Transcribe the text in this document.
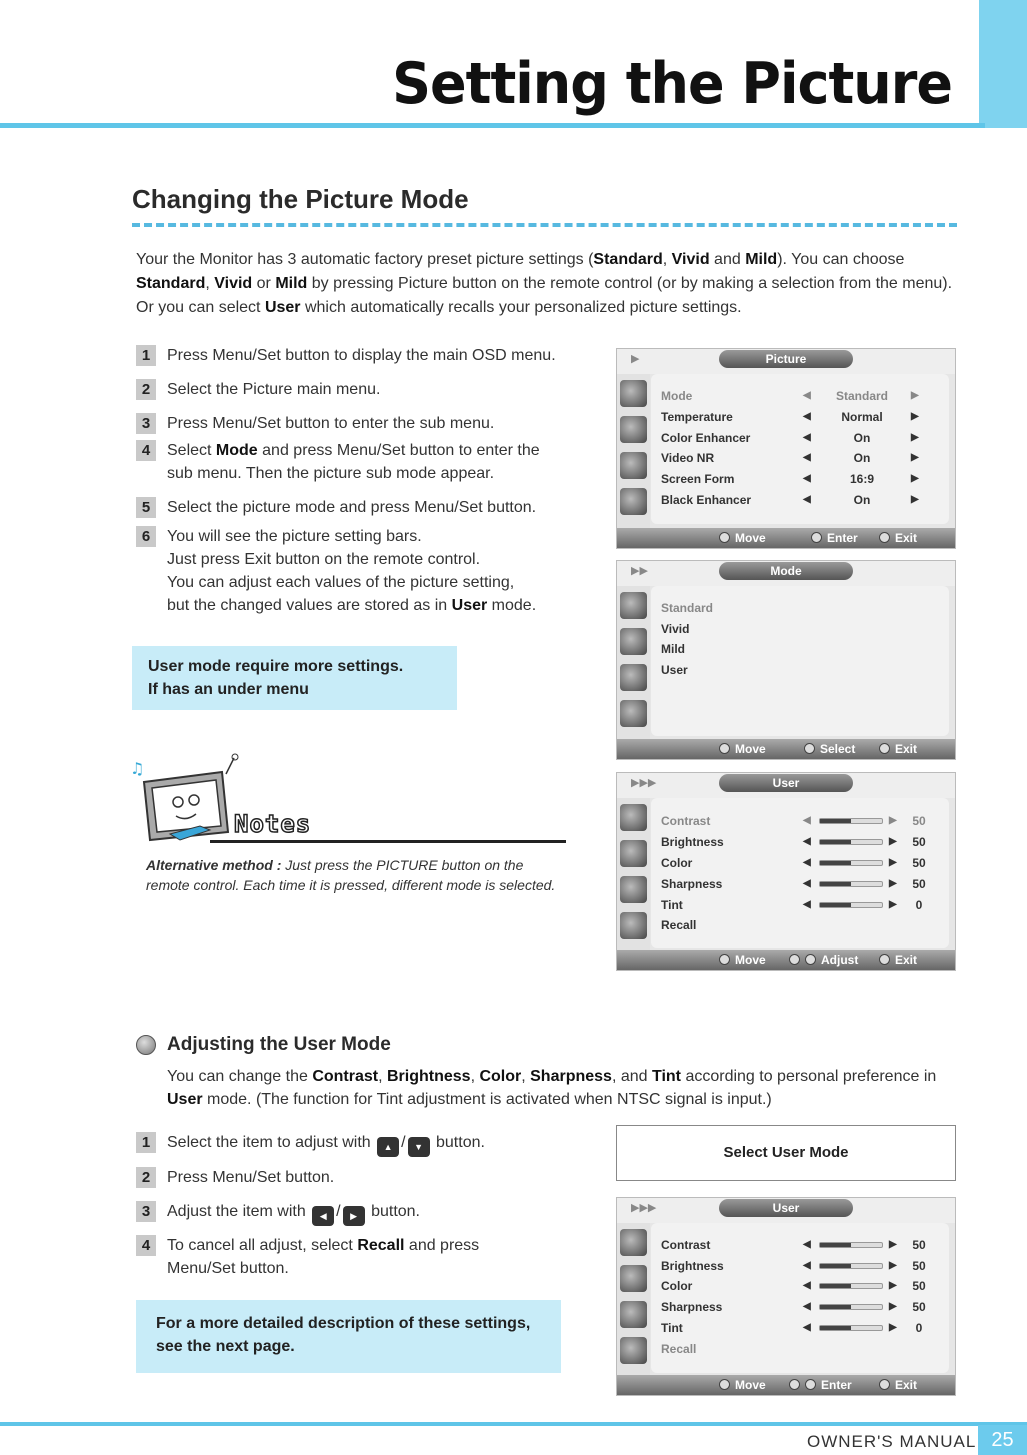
Setting the Picture
Changing the Picture Mode

Your the Monitor has 3 automatic factory preset picture settings (Standard, Vivid and Mild). You can choose
Standard, Vivid or Mild by pressing Picture button on the remote control (or by making a selection from the menu).
Or you can select User which automatically recalls your personalized picture settings.

1	Press Menu/Set button to display the main OSD menu.
2	Select the Picture main menu.
3	Press Menu/Set button to enter the sub menu.
4	Select Mode and press Menu/Set button to enter the
sub menu. Then the picture sub mode appear.
5	Select the picture mode and press Menu/Set button.
6	You will see the picture setting bars.
Just press Exit button on the remote control.
You can adjust each values of the picture setting,
but the changed values are stored as in User mode.
User mode require more settings.
If has an under menu
▶	Picture
Mode	◀	Standard	▶
Temperature	◀	Normal	▶
Color Enhancer	◀	On	▶
Video NR	◀	On	▶
Screen Form	◀	16:9	▶
Black Enhancer	◀	On	▶
Move	Enter	Exit
▶▶	Mode
Standard
Vivid
Mild
User
Move	Select	Exit
▶▶▶	User
Contrast	◀	▶	50
Brightness	◀	▶	50
Color	◀	▶	50
Sharpness	◀	▶	50
Tint	◀	▶	0
Recall
Move	Adjust	Exit
♫
Notes

Alternative method : Just press the PICTURE button on the remote control. Each time it is pressed, different mode is selected.

Adjusting the User Mode

You can change the Contrast, Brightness, Color, Sharpness, and Tint according to personal preference in
User mode. (The function for Tint adjustment is activated when NTSC signal is input.)

1	Select the item to adjust with ▲ / ▼ button.
2	Press Menu/Set button.
3	Adjust the item with ◀ / ▶ button.
4	To cancel all adjust, select Recall and press
Menu/Set button.
For a more detailed description of these settings,
see the next page.
Select User Mode
▶▶▶	User
Contrast	◀	▶	50
Brightness	◀	▶	50
Color	◀	▶	50
Sharpness	◀	▶	50
Tint	◀	▶	0
Recall
Move	Enter	Exit
OWNER'S MANUAL 25
